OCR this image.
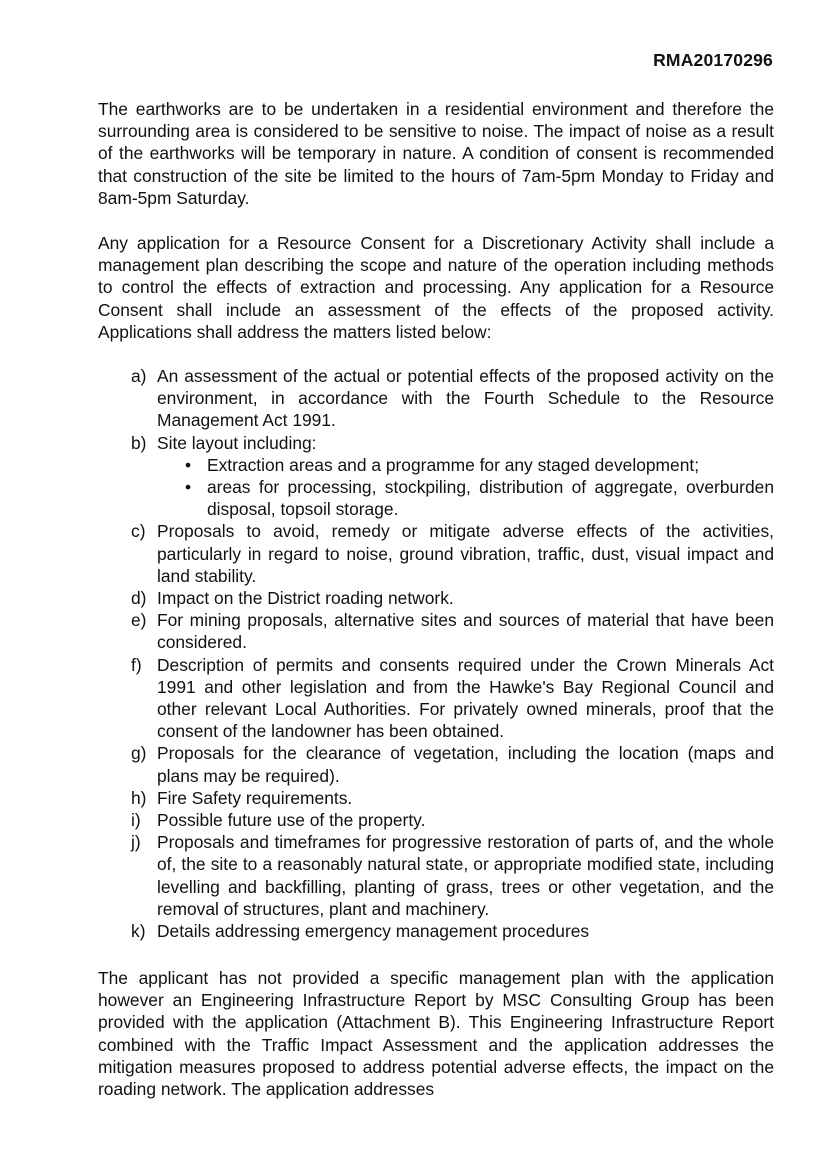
RMA20170296

The earthworks are to be undertaken in a residential environment and therefore the surrounding area is considered to be sensitive to noise. The impact of noise as a result of the earthworks will be temporary in nature. A condition of consent is recommended that construction of the site be limited to the hours of 7am-5pm Monday to Friday and 8am-5pm Saturday.

Any application for a Resource Consent for a Discretionary Activity shall include a management plan describing the scope and nature of the operation including methods to control the effects of extraction and processing. Any application for a Resource Consent shall include an assessment of the effects of the proposed activity. Applications shall address the matters listed below:

a) An assessment of the actual or potential effects of the proposed activity on the environment, in accordance with the Fourth Schedule to the Resource Management Act 1991.
b) Site layout including:
• Extraction areas and a programme for any staged development;
• areas for processing, stockpiling, distribution of aggregate, overburden disposal, topsoil storage.
c) Proposals to avoid, remedy or mitigate adverse effects of the activities, particularly in regard to noise, ground vibration, traffic, dust, visual impact and land stability.
d) Impact on the District roading network.
e) For mining proposals, alternative sites and sources of material that have been considered.
f) Description of permits and consents required under the Crown Minerals Act 1991 and other legislation and from the Hawke's Bay Regional Council and other relevant Local Authorities. For privately owned minerals, proof that the consent of the landowner has been obtained.
g) Proposals for the clearance of vegetation, including the location (maps and plans may be required).
h) Fire Safety requirements.
i) Possible future use of the property.
j) Proposals and timeframes for progressive restoration of parts of, and the whole of, the site to a reasonably natural state, or appropriate modified state, including levelling and backfilling, planting of grass, trees or other vegetation, and the removal of structures, plant and machinery.
k) Details addressing emergency management procedures

The applicant has not provided a specific management plan with the application however an Engineering Infrastructure Report by MSC Consulting Group has been provided with the application (Attachment B). This Engineering Infrastructure Report combined with the Traffic Impact Assessment and the application addresses the mitigation measures proposed to address potential adverse effects, the impact on the roading network. The application addresses
